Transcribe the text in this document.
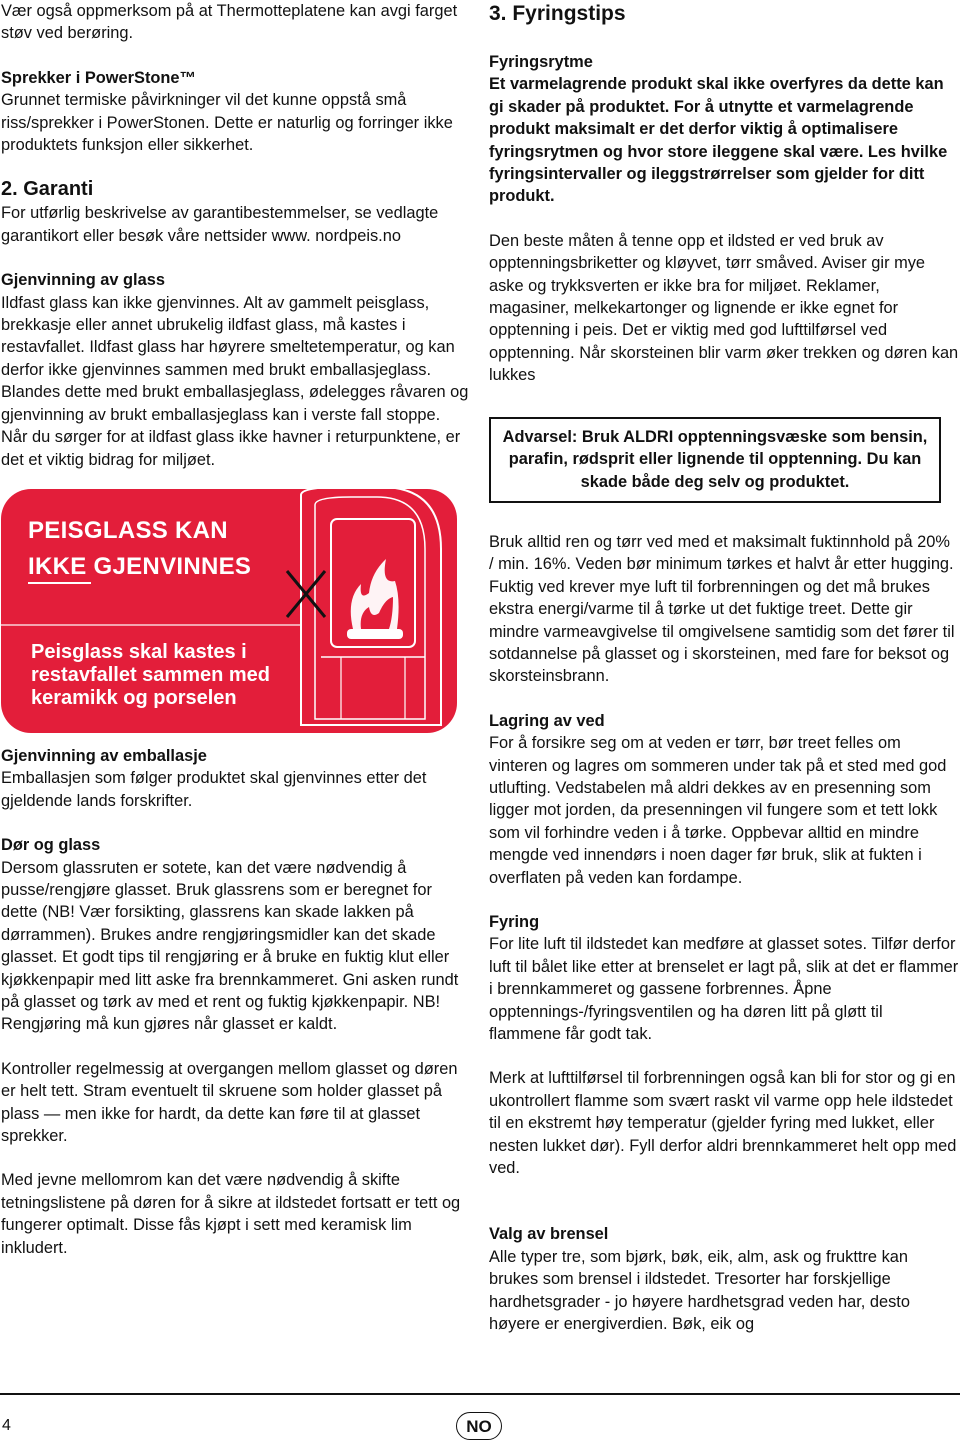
Vær også oppmerksom på at Thermotteplatene kan avgi farget støv ved berøring.

Sprekker i PowerStone™

Grunnet termiske påvirkninger vil det kunne oppstå små riss/sprekker i PowerStonen. Dette er naturlig og forringer ikke produktets funksjon eller sikkerhet.

2. Garanti

For utførlig beskrivelse av garantibestemmelser, se vedlagte garantikort eller besøk våre nettsider www. nordpeis.no

Gjenvinning av glass

Ildfast glass kan ikke gjenvinnes. Alt av gammelt peisglass, brekkasje eller annet ubrukelig ildfast glass, må kastes i restavfallet. Ildfast glass har høyrere smeltetemperatur, og kan derfor ikke gjenvinnes sammen med brukt emballasjeglass. Blandes dette med brukt emballasjeglass, ødelegges råvaren og gjenvinning av brukt emballasjeglass kan i verste fall stoppe. Når du sørger for at ildfast glass ikke havner i returpunktene, er det et viktig bidrag for miljøet.

PEISGLASS KAN
IKKE GJENVINNES
Peisglass skal kastes i restavfallet sammen med keramikk og porselen

Gjenvinning av emballasje

Emballasjen som følger produktet skal gjenvinnes etter det gjeldende lands forskrifter.

Dør og glass

Dersom glassruten er sotete, kan det være nødvendig å pusse/rengjøre glasset. Bruk glassrens som er beregnet for dette (NB! Vær forsikting, glassrens kan skade lakken på dørrammen). Brukes andre rengjøringsmidler kan det skade glasset. Et godt tips til rengjøring er å bruke en fuktig klut eller kjøkkenpapir med litt aske fra brennkammeret. Gni asken rundt på glasset og tørk av med et rent og fuktig kjøkkenpapir. NB! Rengjøring må kun gjøres når glasset er kaldt.

Kontroller regelmessig at overgangen mellom glasset og døren er helt tett. Stram eventuelt til skruene som holder glasset på plass — men ikke for hardt, da dette kan føre til at glasset sprekker.

Med jevne mellomrom kan det være nødvendig å skifte tetningslistene på døren for å sikre at ildstedet fortsatt er tett og fungerer optimalt. Disse fås kjøpt i sett med keramisk lim inkludert.

3. Fyringstips

Fyringsrytme

Et varmelagrende produkt skal ikke overfyres da dette kan gi skader på produktet. For å utnytte et varmelagrende produkt maksimalt er det derfor viktig å optimalisere fyringsrytmen og hvor store ileggene skal være. Les hvilke fyringsintervaller og ileggstrørrelser som gjelder for ditt produkt.

Den beste måten å tenne opp et ildsted er ved bruk av opptenningsbriketter og kløyvet, tørr småved. Aviser gir mye aske og trykksverten er ikke bra for miljøet. Reklamer, magasiner, melkekartonger og lignende er ikke egnet for opptenning i peis. Det er viktig med god lufttilførsel ved opptenning. Når skorsteinen blir varm øker trekken og døren kan lukkes

Advarsel: Bruk ALDRI opptenningsvæske som bensin, parafin, rødsprit eller lignende til opptenning. Du kan skade både deg selv og produktet.

Bruk alltid ren og tørr ved med et maksimalt fuktinnhold på 20% / min. 16%. Veden bør minimum tørkes et halvt år etter hugging. Fuktig ved krever mye luft til forbrenningen og det må brukes ekstra energi/varme til å tørke ut det fuktige treet. Dette gir mindre varmeavgivelse til omgivelsene samtidig som det fører til sotdannelse på glasset og i skorsteinen, med fare for beksot og skorsteinsbrann.

Lagring av ved

For å forsikre seg om at veden er tørr, bør treet felles om vinteren og lagres om sommeren under tak på et sted med god utlufting. Vedstabelen må aldri dekkes av en presenning som ligger mot jorden, da presenningen vil fungere som et tett lokk som vil forhindre veden i å tørke. Oppbevar alltid en mindre mengde ved innendørs i noen dager før bruk, slik at fukten i overflaten på veden kan fordampe.

Fyring

For lite luft til ildstedet kan medføre at glasset sotes. Tilfør derfor luft til bålet like etter at brenselet er lagt på, slik at det er flammer i brennkammeret og gassene forbrennes. Åpne opptennings-/fyringsventilen og ha døren litt på gløtt til flammene får godt tak.

Merk at lufttilførsel til forbrenningen også kan bli for stor og gi en ukontrollert flamme som svært raskt vil varme opp hele ildstedet til en ekstremt høy temperatur (gjelder fyring med lukket, eller nesten lukket dør). Fyll derfor aldri brennkammeret helt opp med ved.

Valg av brensel

Alle typer tre, som bjørk, bøk, eik, alm, ask og frukttre kan brukes som brensel i ildstedet. Tresorter har forskjellige hardhetsgrader - jo høyere hardhetsgrad veden har, desto høyere er energiverdien. Bøk, eik og

4	NO
